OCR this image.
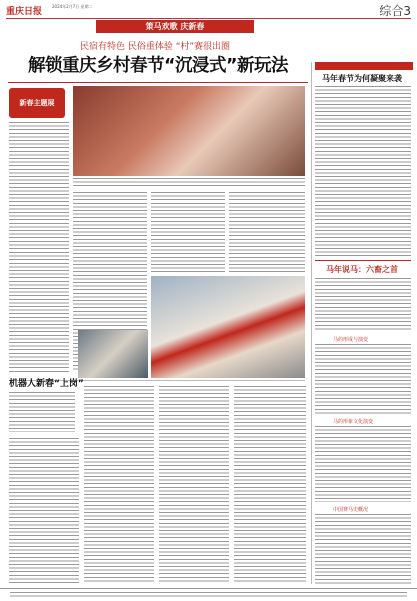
重庆日报
2024年2月7日 星期二	综合3
策马欢歌 庆新春
民宿有特色 民俗重体验 “村”赛很出圈
解锁重庆乡村春节“沉浸式”新玩法
新春主题展
机器人新春“上岗”
马年春节为何凝聚来袭
马年说马：六畜之首
马的形成与演变
马的形象文化演变
中国赛马史概况
